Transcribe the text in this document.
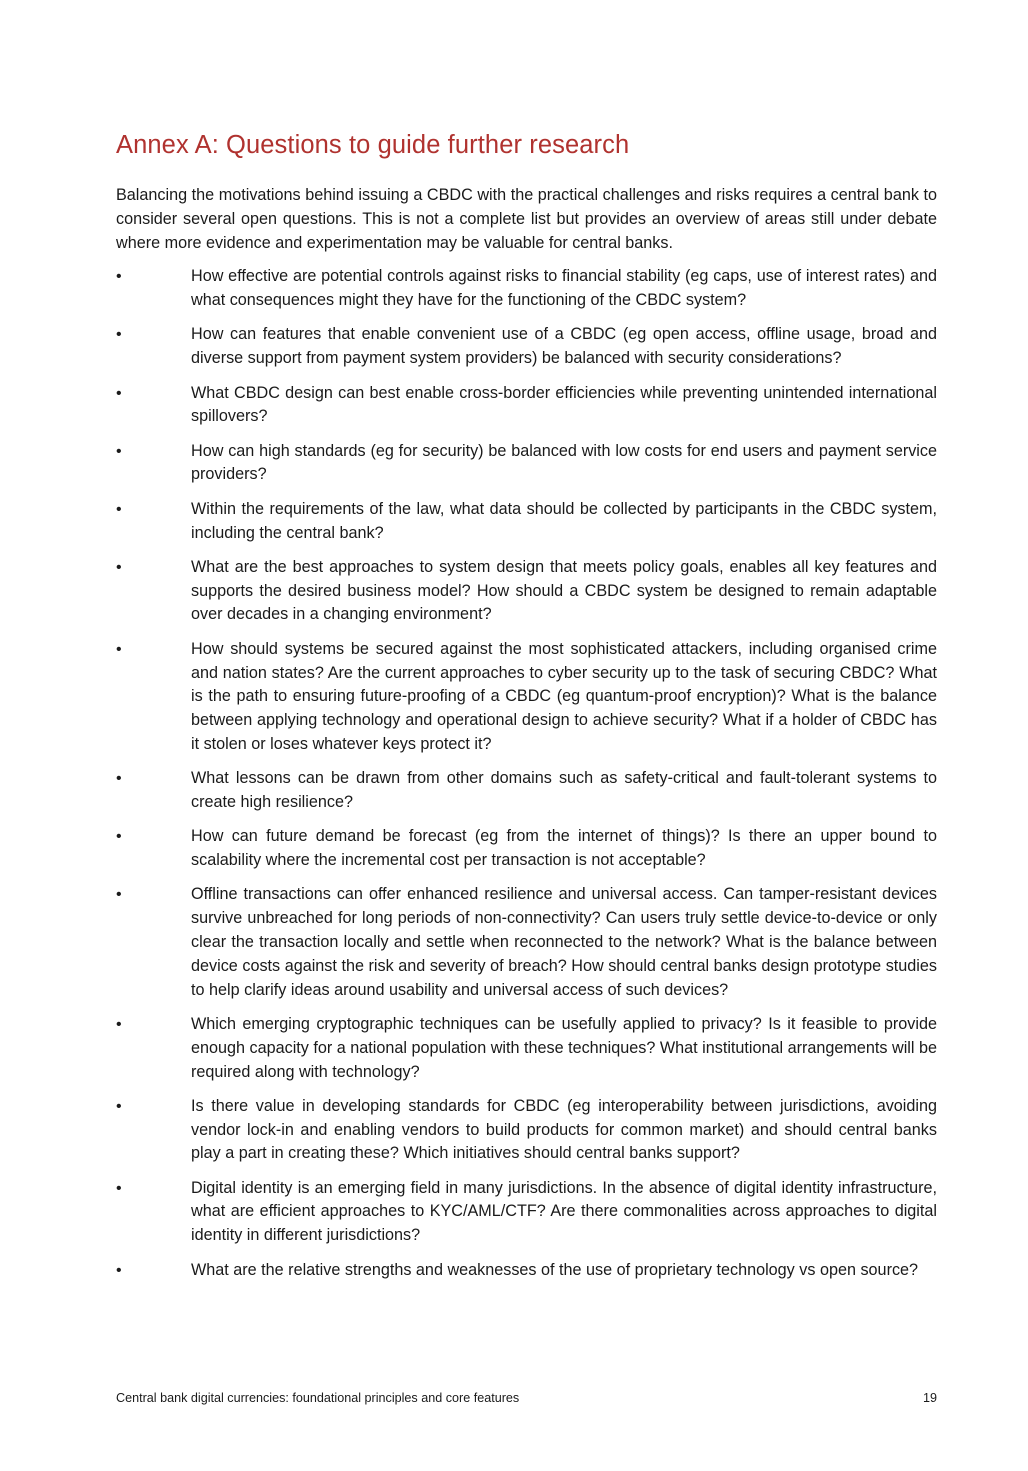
Annex A: Questions to guide further research

Balancing the motivations behind issuing a CBDC with the practical challenges and risks requires a central bank to consider several open questions. This is not a complete list but provides an overview of areas still under debate where more evidence and experimentation may be valuable for central banks.

•	How effective are potential controls against risks to financial stability (eg caps, use of interest rates) and what consequences might they have for the functioning of the CBDC system?
•	How can features that enable convenient use of a CBDC (eg open access, offline usage, broad and diverse support from payment system providers) be balanced with security considerations?
•	What CBDC design can best enable cross-border efficiencies while preventing unintended international spillovers?
•	How can high standards (eg for security) be balanced with low costs for end users and payment service providers?
•	Within the requirements of the law, what data should be collected by participants in the CBDC system, including the central bank?
•	What are the best approaches to system design that meets policy goals, enables all key features and supports the desired business model? How should a CBDC system be designed to remain adaptable over decades in a changing environment?
•	How should systems be secured against the most sophisticated attackers, including organised crime and nation states? Are the current approaches to cyber security up to the task of securing CBDC? What is the path to ensuring future-proofing of a CBDC (eg quantum-proof encryption)? What is the balance between applying technology and operational design to achieve security? What if a holder of CBDC has it stolen or loses whatever keys protect it?
•	What lessons can be drawn from other domains such as safety-critical and fault-tolerant systems to create high resilience?
•	How can future demand be forecast (eg from the internet of things)? Is there an upper bound to scalability where the incremental cost per transaction is not acceptable?
•	Offline transactions can offer enhanced resilience and universal access. Can tamper-resistant devices survive unbreached for long periods of non-connectivity? Can users truly settle device-to-device or only clear the transaction locally and settle when reconnected to the network? What is the balance between device costs against the risk and severity of breach? How should central banks design prototype studies to help clarify ideas around usability and universal access of such devices?
•	Which emerging cryptographic techniques can be usefully applied to privacy? Is it feasible to provide enough capacity for a national population with these techniques? What institutional arrangements will be required along with technology?
•	Is there value in developing standards for CBDC (eg interoperability between jurisdictions, avoiding vendor lock-in and enabling vendors to build products for common market) and should central banks play a part in creating these? Which initiatives should central banks support?
•	Digital identity is an emerging field in many jurisdictions. In the absence of digital identity infrastructure, what are efficient approaches to KYC/AML/CTF? Are there commonalities across approaches to digital identity in different jurisdictions?
•	What are the relative strengths and weaknesses of the use of proprietary technology vs open source?
Central bank digital currencies: foundational principles and core features	19
